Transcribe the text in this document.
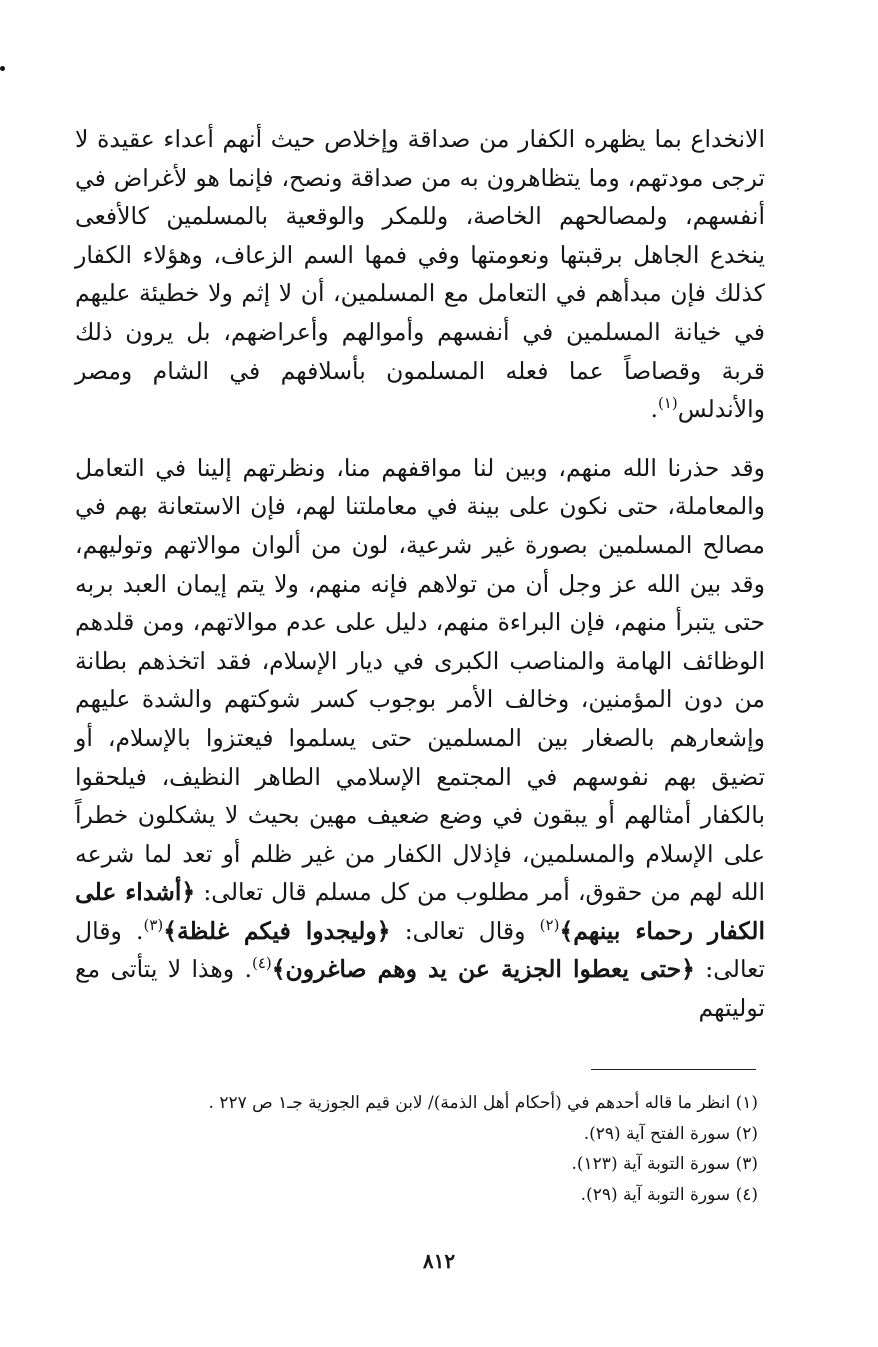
الانخداع بما يظهره الكفار من صداقة وإخلاص حيث أنهم أعداء عقيدة لا ترجى مودتهم، وما يتظاهرون به من صداقة ونصح، فإنما هو لأغراض في أنفسهم، ولمصالحهم الخاصة، وللمكر والوقعية بالمسلمين كالأفعى ينخدع الجاهل برقبتها ونعومتها وفي فمها السم الزعاف، وهؤلاء الكفار كذلك فإن مبدأهم في التعامل مع المسلمين، أن لا إثم ولا خطيئة عليهم في خيانة المسلمين في أنفسهم وأموالهم وأعراضهم، بل يرون ذلك قربة وقصاصاً عما فعله المسلمون بأسلافهم في الشام ومصر والأندلس$^{(١)}$.

وقد حذرنا الله منهم، وبين لنا مواقفهم منا، ونظرتهم إلينا في التعامل والمعاملة، حتى نكون على بينة في معاملتنا لهم، فإن الاستعانة بهم في مصالح المسلمين بصورة غير شرعية، لون من ألوان موالاتهم وتوليهم، وقد بين الله عز وجل أن من تولاهم فإنه منهم، ولا يتم إيمان العبد بربه حتى يتبرأ منهم، فإن البراءة منهم، دليل على عدم موالاتهم، ومن قلدهم الوظائف الهامة والمناصب الكبرى في ديار الإسلام، فقد اتخذهم بطانة من دون المؤمنين، وخالف الأمر بوجوب كسر شوكتهم والشدة عليهم وإشعارهم بالصغار بين المسلمين حتى يسلموا فيعتزوا بالإسلام، أو تضيق بهم نفوسهم في المجتمع الإسلامي الطاهر النظيف، فيلحقوا بالكفار أمثالهم أو يبقون في وضع ضعيف مهين بحيث لا يشكلون خطراً على الإسلام والمسلمين، فإذلال الكفار من غير ظلم أو تعد لما شرعه الله لهم من حقوق، أمر مطلوب من كل مسلم قال تعالى: ﴿أشداء على الكفار رحماء بينهم﴾$^{(٢)}$ وقال تعالى: ﴿وليجدوا فيكم غلظة﴾$^{(٣)}$. وقال تعالى: ﴿حتى يعطوا الجزية عن يد وهم صاغرون﴾$^{(٤)}$. وهذا لا يتأتى مع توليتهم

(١) انظر ما قاله أحدهم في (أحكام أهل الذمة)/ لابن قيم الجوزية جـ١ ص ٢٢٧ .
(٢) سورة الفتح آية (٢٩).
(٣) سورة التوبة آية (١٢٣).
(٤) سورة التوبة آية (٢٩).
٨١٢
